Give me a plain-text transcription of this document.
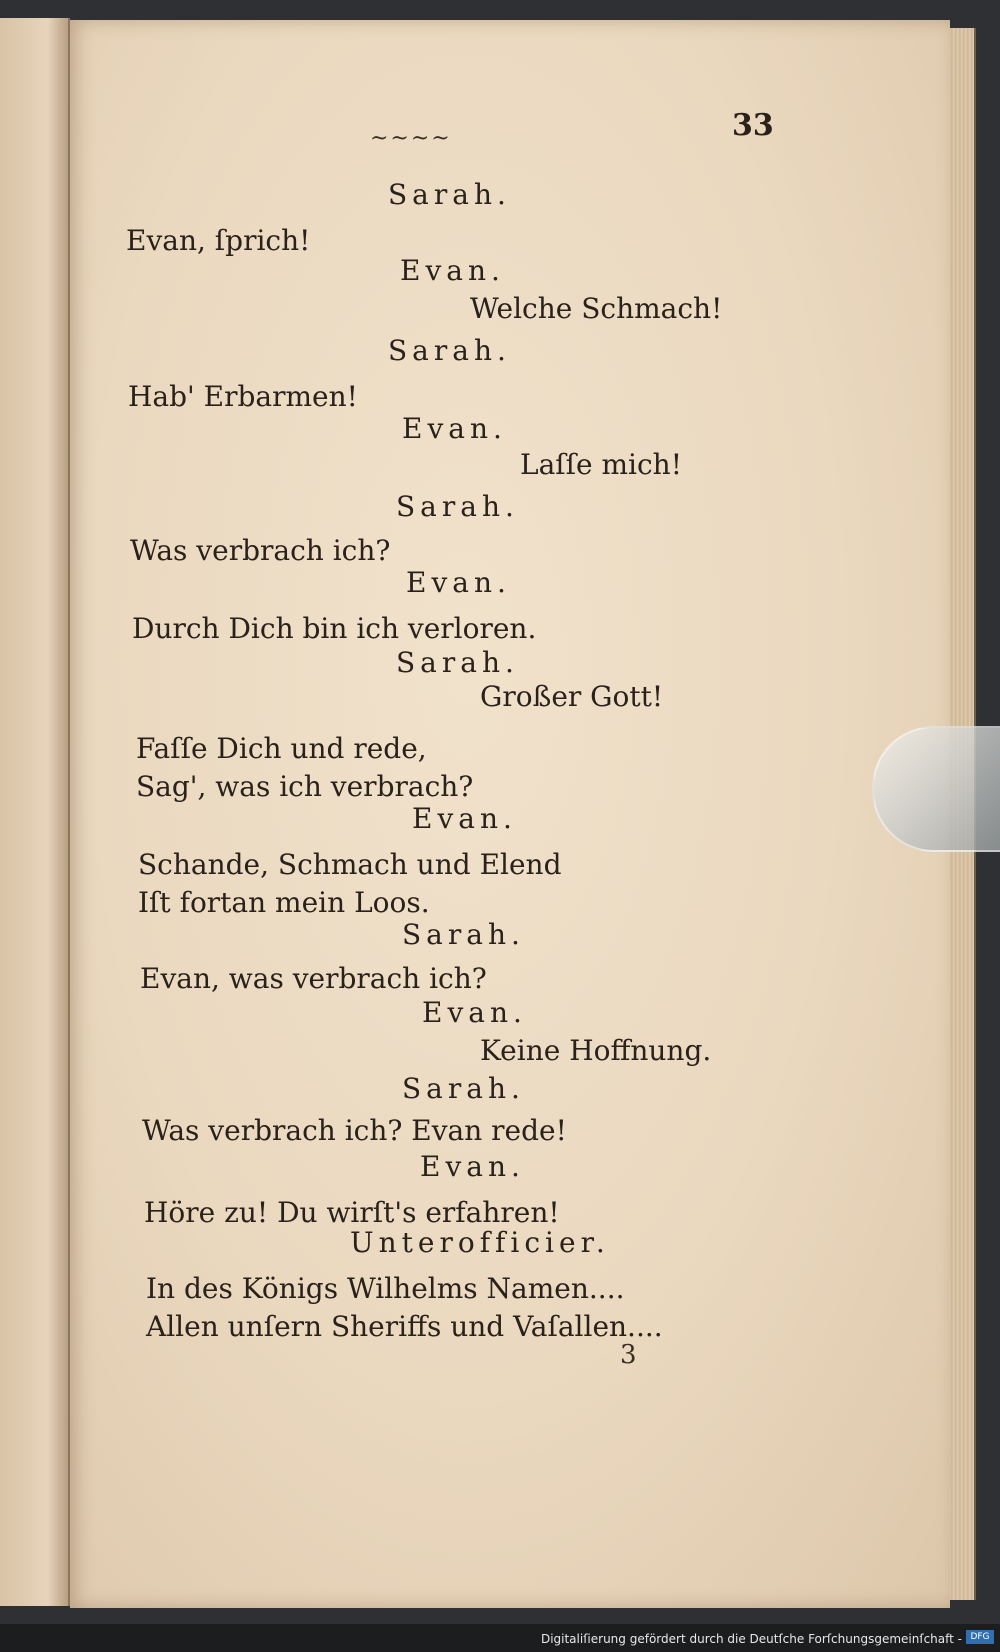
~~~~	33
Sarah.
Evan, ſprich!
Evan.
Welche Schmach!
Sarah.
Hab' Erbarmen!
Evan.
Laſſe mich!
Sarah.
Was verbrach ich?
Evan.
Durch Dich bin ich verloren.
Sarah.
Großer Gott!
Faſſe Dich und rede,
Sag', was ich verbrach?
Evan.
Schande, Schmach und Elend
Iſt fortan mein Loos.
Sarah.
Evan, was verbrach ich?
Evan.
Keine Hoffnung.
Sarah.
Was verbrach ich? Evan rede!
Evan.
Höre zu! Du wirſt's erfahren!
Unterofficier.
In des Königs Wilhelms Namen....
Allen unſern Sheriffs und Vaſallen....
3
Digitaliſierung gefördert durch die Deutſche Forſchungsgemeinſchaft - DFG
